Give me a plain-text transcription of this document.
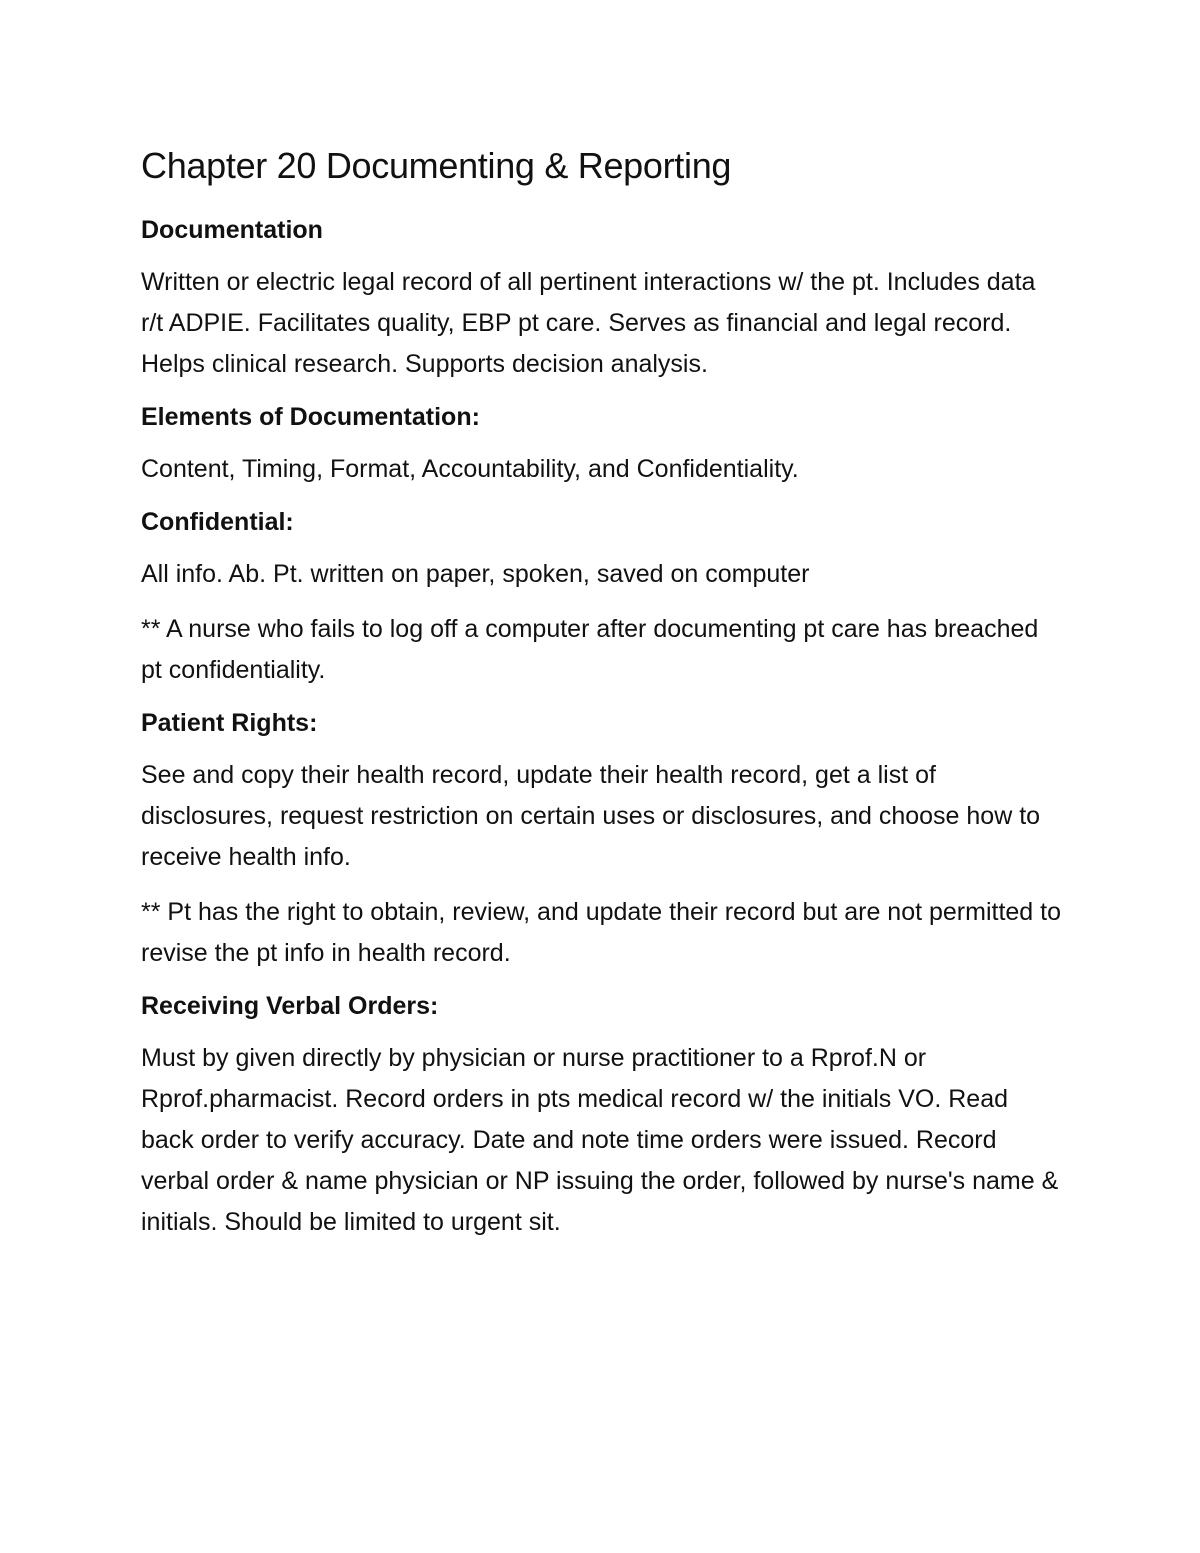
Chapter 20 Documenting & Reporting
Documentation

Written or electric legal record of all pertinent interactions w/ the pt. Includes data r/t ADPIE. Facilitates quality, EBP pt care. Serves as financial and legal record. Helps clinical research. Supports decision analysis.

Elements of Documentation:

Content, Timing, Format, Accountability, and Confidentiality.

Confidential:

All info. Ab. Pt. written on paper, spoken, saved on computer

** A nurse who fails to log off a computer after documenting pt care has breached pt confidentiality.

Patient Rights:

See and copy their health record, update their health record, get a list of disclosures, request restriction on certain uses or disclosures, and choose how to receive health info.

** Pt has the right to obtain, review, and update their record but are not permitted to revise the pt info in health record.

Receiving Verbal Orders:

Must by given directly by physician or nurse practitioner to a Rprof.N or Rprof.pharmacist. Record orders in pts medical record w/ the initials VO. Read back order to verify accuracy. Date and note time orders were issued. Record verbal order & name physician or NP issuing the order, followed by nurse's name & initials. Should be limited to urgent sit.
